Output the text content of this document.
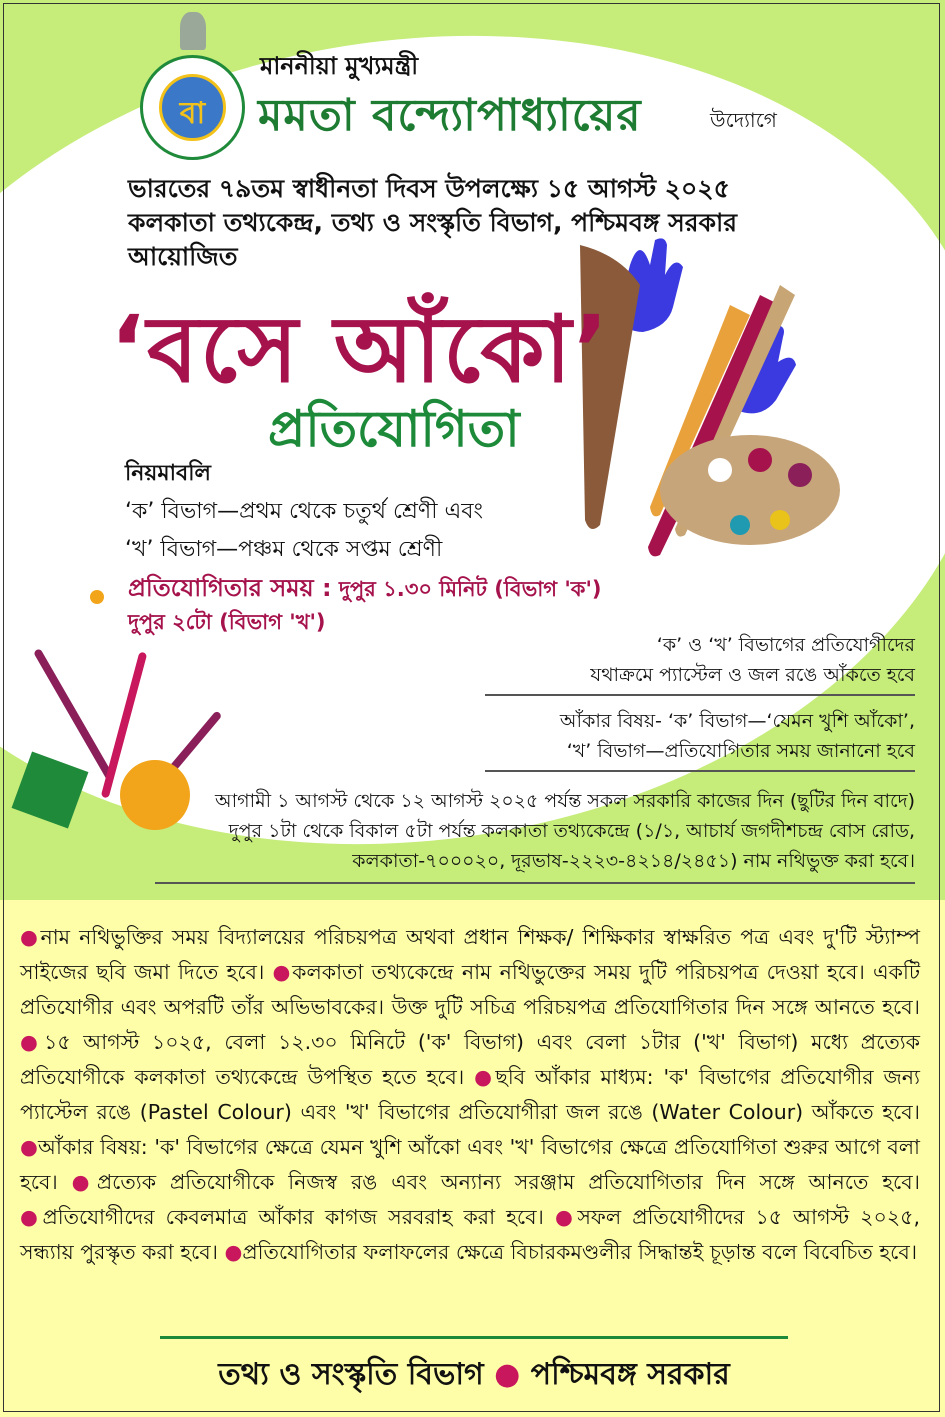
বা
মাননীয়া মুখ্যমন্ত্রী
মমতা বন্দ্যোপাধ্যায়ের	উদ্যোগে
ভারতের ৭৯তম স্বাধীনতা দিবস উপলক্ষ্যে ১৫ আগস্ট ২০২৫
কলকাতা তথ্যকেন্দ্র, তথ্য ও সংস্কৃতি বিভাগ, পশ্চিমবঙ্গ সরকার
আয়োজিত
‘বসে আঁকো’
প্রতিযোগিতা
নিয়মাবলি
‘ক’ বিভাগ—প্রথম থেকে চতুর্থ শ্রেণী এবং
‘খ’ বিভাগ—পঞ্চম থেকে সপ্তম শ্রেণী
প্রতিযোগিতার সময় : দুপুর ১.৩০ মিনিট (বিভাগ 'ক')
দুপুর ২টো (বিভাগ 'খ')
‘ক’ ও ‘খ’ বিভাগের প্রতিযোগীদের
যথাক্রমে প্যাস্টেল ও জল রঙে আঁকতে হবে
আঁকার বিষয়- ‘ক’ বিভাগ—‘যেমন খুশি আঁকো’,
‘খ’ বিভাগ—প্রতিযোগিতার সময় জানানো হবে
আগামী ১ আগস্ট থেকে ১২ আগস্ট ২০২৫ পর্যন্ত সকল সরকারি কাজের দিন (ছুটির দিন বাদে)
দুপুর ১টা থেকে বিকাল ৫টা পর্যন্ত কলকাতা তথ্যকেন্দ্রে (১/১, আচার্য জগদীশচন্দ্র বোস রোড,
কলকাতা-৭০০০২০, দূরভাষ-২২২৩-৪২১৪/২৪৫১) নাম নথিভুক্ত করা হবে।
●নাম নথিভুক্তির সময় বিদ্যালয়ের পরিচয়পত্র অথবা প্রধান শিক্ষক/ শিক্ষিকার স্বাক্ষরিত পত্র এবং দু'টি স্ট্যাম্প সাইজের ছবি জমা দিতে হবে। ●কলকাতা তথ্যকেন্দ্রে নাম নথিভুক্তের সময় দুটি পরিচয়পত্র দেওয়া হবে। একটি প্রতিযোগীর এবং অপরটি তাঁর অভিভাবকের। উক্ত দুটি সচিত্র পরিচয়পত্র প্রতিযোগিতার দিন সঙ্গে আনতে হবে। ●১৫ আগস্ট ১০২৫, বেলা ১২.৩০ মিনিটে ('ক' বিভাগ) এবং বেলা ১টার ('খ' বিভাগ) মধ্যে প্রত্যেক প্রতিযোগীকে কলকাতা তথ্যকেন্দ্রে উপস্থিত হতে হবে। ●ছবি আঁকার মাধ্যম: 'ক' বিভাগের প্রতিযোগীর জন্য প্যাস্টেল রঙে (Pastel Colour) এবং 'খ' বিভাগের প্রতিযোগীরা জল রঙে (Water Colour) আঁকতে হবে। ●আঁকার বিষয়: 'ক' বিভাগের ক্ষেত্রে যেমন খুশি আঁকো এবং 'খ' বিভাগের ক্ষেত্রে প্রতিযোগিতা শুরুর আগে বলা হবে। ●প্রত্যেক প্রতিযোগীকে নিজস্ব রঙ এবং অন্যান্য সরঞ্জাম প্রতিযোগিতার দিন সঙ্গে আনতে হবে। ●প্রতিযোগীদের কেবলমাত্র আঁকার কাগজ সরবরাহ করা হবে। ●সফল প্রতিযোগীদের ১৫ আগস্ট ২০২৫, সন্ধ্যায় পুরস্কৃত করা হবে। ●প্রতিযোগিতার ফলাফলের ক্ষেত্রে বিচারকমণ্ডলীর সিদ্ধান্তই চূড়ান্ত বলে বিবেচিত হবে।
তথ্য ও সংস্কৃতি বিভাগ ● পশ্চিমবঙ্গ সরকার
